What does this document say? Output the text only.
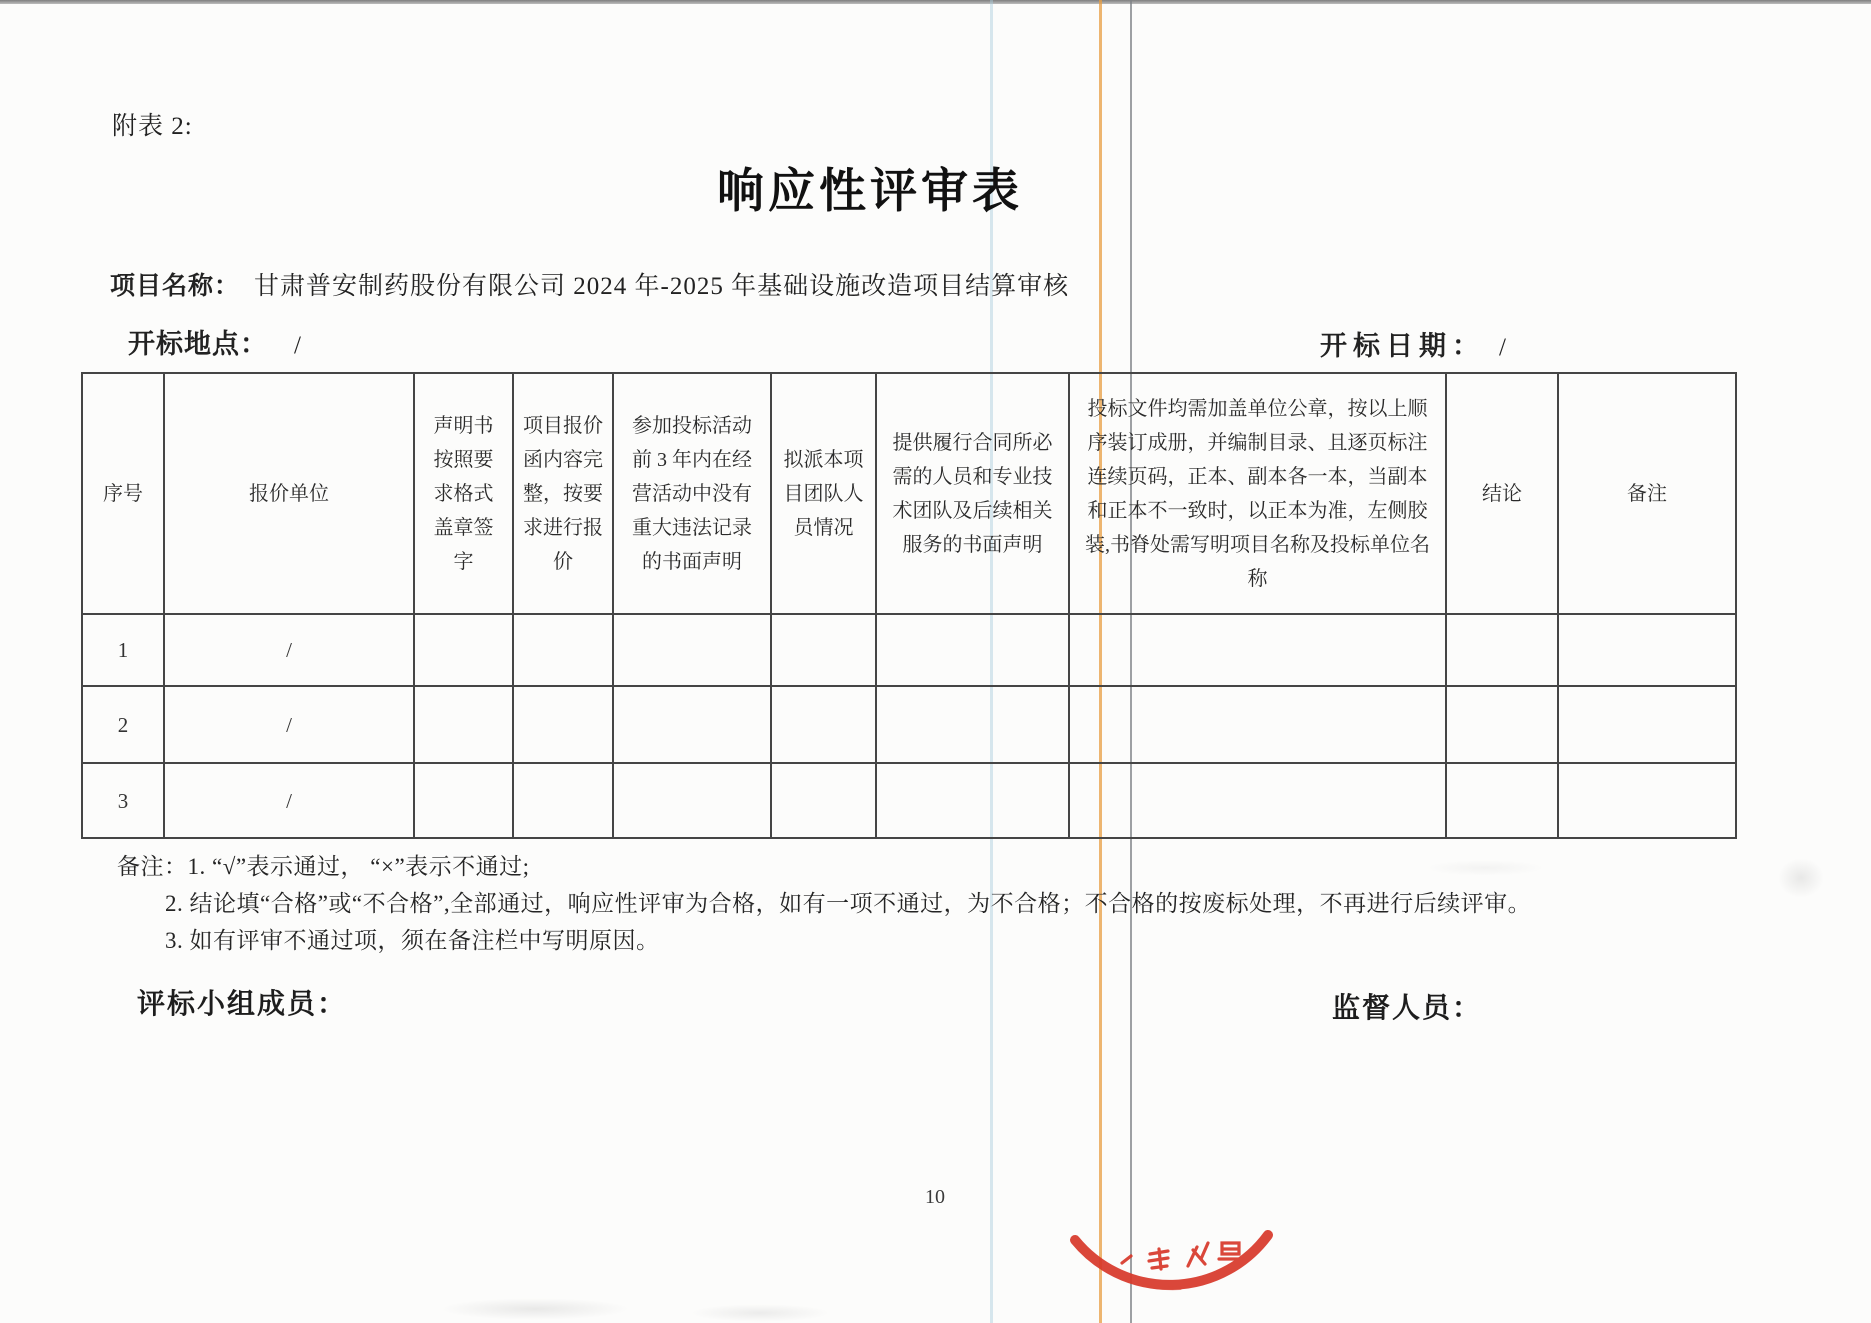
附表 2:
响应性评审表
项目名称： 甘肃普安制药股份有限公司 2024 年-2025 年基础设施改造项目结算审核
开标地点： /	开标日期： /
序号	报价单位	声明书按照要求格式盖章签字	项目报价函内容完整，按要求进行报价	参加投标活动前 3 年内在经营活动中没有重大违法记录的书面声明	拟派本项目团队人员情况	提供履行合同所必需的人员和专业技术团队及后续相关服务的书面声明	投标文件均需加盖单位公章，按以上顺序装订成册，并编制目录、且逐页标注连续页码，正本、副本各一本，当副本和正本不一致时，以正本为准，左侧胶装,书脊处需写明项目名称及投标单位名称	结论	备注
1	/								
2	/								
3	/								
备注：1. “√”表示通过， “×”表示不通过;
2. 结论填“合格”或“不合格”,全部通过，响应性评审为合格，如有一项不通过，为不合格；不合格的按废标处理，不再进行后续评审。
3. 如有评审不通过项，须在备注栏中写明原因。
评标小组成员：	监督人员：
10
